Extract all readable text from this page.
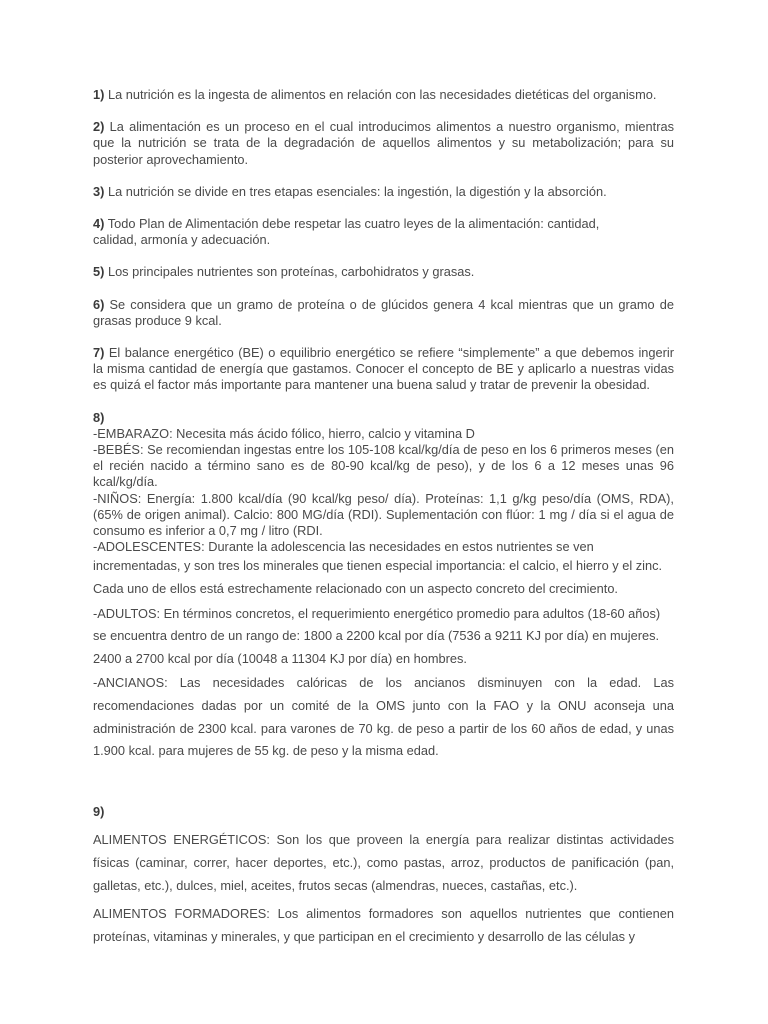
1) La nutrición es la ingesta de alimentos en relación con las necesidades dietéticas del organismo.

2) La alimentación es un proceso en el cual introducimos alimentos a nuestro organismo, mientras que la nutrición se trata de la degradación de aquellos alimentos y su metabolización; para su posterior aprovechamiento.

3) La nutrición se divide en tres etapas esenciales: la ingestión, la digestión y la absorción.

4) Todo Plan de Alimentación debe respetar las cuatro leyes de la alimentación: cantidad,
calidad, armonía y adecuación.

5) Los principales nutrientes son proteínas, carbohidratos y grasas.

6) Se considera que un gramo de proteína o de glúcidos genera 4 kcal mientras que un gramo de grasas produce 9 kcal.

7) El balance energético (BE) o equilibrio energético se refiere “simplemente” a que debemos ingerir la misma cantidad de energía que gastamos. Conocer el concepto de BE y aplicarlo a nuestras vidas es quizá el factor más importante para mantener una buena salud y tratar de prevenir la obesidad.

8)
-EMBARAZO: Necesita más ácido fólico, hierro, calcio y vitamina D
-BEBÉS: Se recomiendan ingestas entre los 105-108 kcal/kg/día de peso en los 6 primeros meses (en el recién nacido a término sano es de 80-90 kcal/kg de peso), y de los 6 a 12 meses unas 96 kcal/kg/día.
-NIÑOS: Energía: 1.800 kcal/día (90 kcal/kg peso/ día). Proteínas: 1,1 g/kg peso/día (OMS, RDA), (65% de origen animal). Calcio: 800 MG/día (RDI). Suplementación con flúor: 1 mg / día si el agua de consumo es inferior a 0,7 mg / litro (RDI.
-ADOLESCENTES: Durante la adolescencia las necesidades en estos nutrientes se ven

incrementadas, y son tres los minerales que tienen especial importancia: el calcio, el hierro y el zinc. Cada uno de ellos está estrechamente relacionado con un aspecto concreto del crecimiento.

-ADULTOS: En términos concretos, el requerimiento energético promedio para adultos (18-60 años) se encuentra dentro de un rango de: 1800 a 2200 kcal por día (7536 a 9211 KJ por día) en mujeres. 2400 a 2700 kcal por día (10048 a 11304 KJ por día) en hombres.

-ANCIANOS: Las necesidades calóricas de los ancianos disminuyen con la edad. Las recomendaciones dadas por un comité de la OMS junto con la FAO y la ONU aconseja una administración de 2300 kcal. para varones de 70 kg. de peso a partir de los 60 años de edad, y unas 1.900 kcal. para mujeres de 55 kg. de peso y la misma edad.

9)

ALIMENTOS ENERGÉTICOS: Son los que proveen la energía para realizar distintas actividades físicas (caminar, correr, hacer deportes, etc.), como pastas, arroz, productos de panificación (pan, galletas, etc.), dulces, miel, aceites, frutos secas (almendras, nueces, castañas, etc.).

ALIMENTOS FORMADORES: Los alimentos formadores son aquellos nutrientes que contienen proteínas, vitaminas y minerales, y que participan en el crecimiento y desarrollo de las células y
